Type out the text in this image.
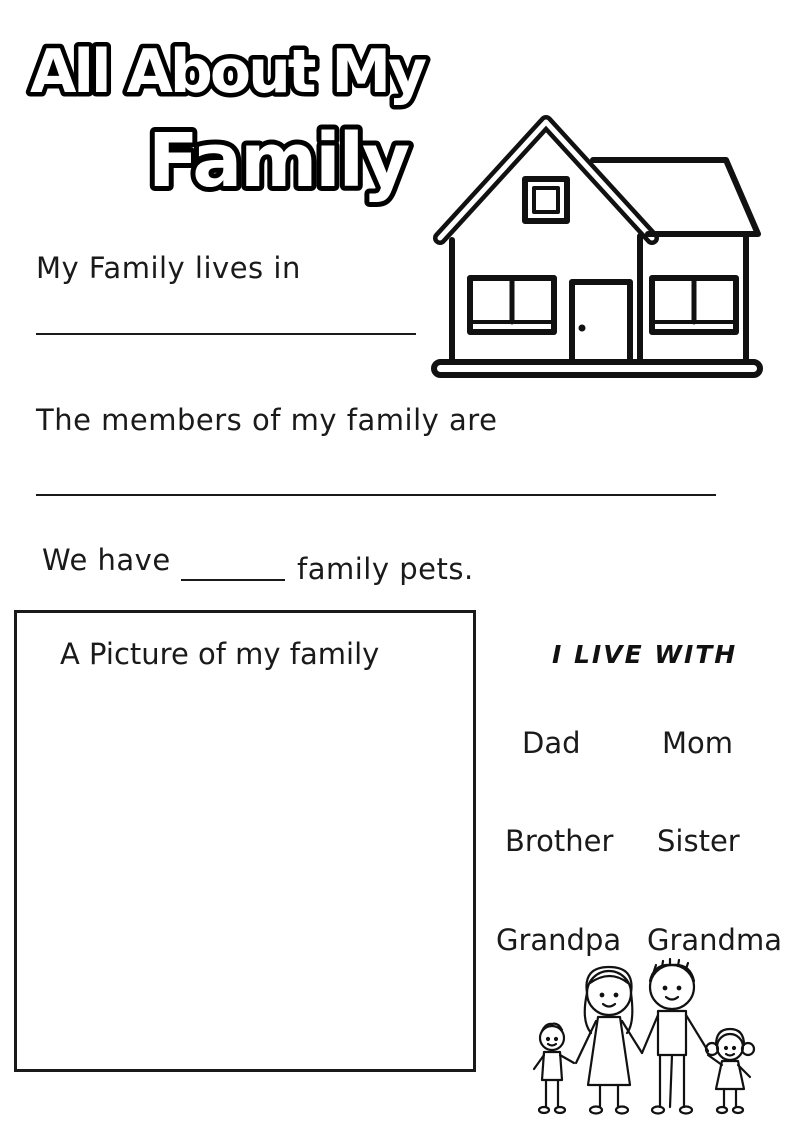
All About My
Family
My Family lives in
The members of my family are
We have	family pets.
A Picture of my family	I LIVE WITH
Dad	Mom
Brother Sister
Grandpa Grandma
